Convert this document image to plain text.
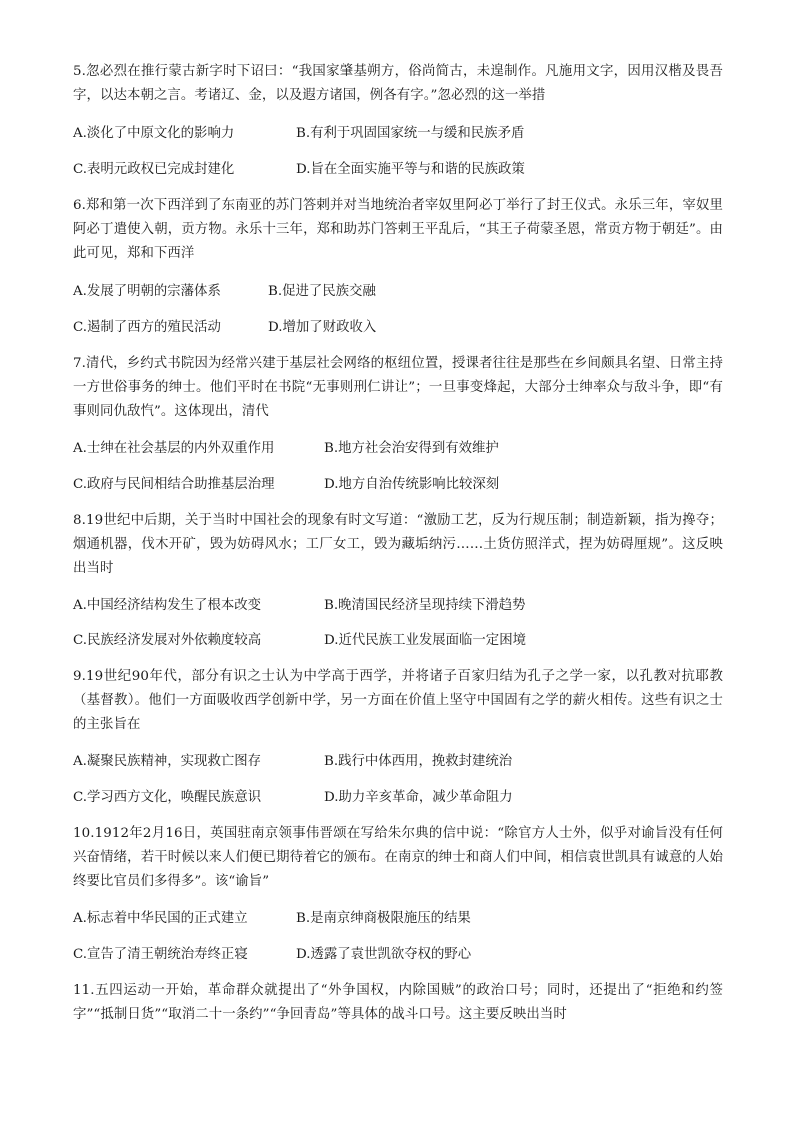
5.忽必烈在推行蒙古新字时下诏曰：“我国家肇基朔方，俗尚简古，未遑制作。凡施用文字，因用汉楷及畏吾字，以达本朝之言。考诸辽、金，以及遐方诸国，例各有字。”忽必烈的这一举措
A.淡化了中原文化的影响力	B.有利于巩固国家统一与缓和民族矛盾
C.表明元政权已完成封建化	D.旨在全面实施平等与和谐的民族政策
6.郑和第一次下西洋到了东南亚的苏门答剌并对当地统治者宰奴里阿必丁举行了封王仪式。永乐三年，宰奴里阿必丁遣使入朝，贡方物。永乐十三年，郑和助苏门答剌王平乱后，“其王子荷蒙圣恩，常贡方物于朝廷”。由此可见，郑和下西洋
A.发展了明朝的宗藩体系	B.促进了民族交融
C.遏制了西方的殖民活动	D.增加了财政收入
7.清代，乡约式书院因为经常兴建于基层社会网络的枢纽位置，授课者往往是那些在乡间颇具名望、日常主持一方世俗事务的绅士。他们平时在书院“无事则刑仁讲让”；一旦事变烽起，大部分士绅率众与敌斗争，即“有事则同仇敌忾”。这体现出，清代
A.士绅在社会基层的内外双重作用	B.地方社会治安得到有效维护
C.政府与民间相结合助推基层治理	D.地方自治传统影响比较深刻
8.19世纪中后期，关于当时中国社会的现象有时文写道：“激励工艺，反为行规压制；制造新颖，指为搀夺；烟通机器，伐木开矿，毁为妨碍风水；工厂女工，毁为藏垢纳污……土货仿照洋式，捏为妨碍厘规”。这反映出当时
A.中国经济结构发生了根本改变	B.晚清国民经济呈现持续下滑趋势
C.民族经济发展对外依赖度较高	D.近代民族工业发展面临一定困境
9.19世纪90年代，部分有识之士认为中学高于西学，并将诸子百家归结为孔子之学一家，以孔教对抗耶教（基督教）。他们一方面吸收西学创新中学，另一方面在价值上坚守中国固有之学的薪火相传。这些有识之士的主张旨在
A.凝聚民族精神，实现救亡图存	B.践行中体西用，挽救封建统治
C.学习西方文化，唤醒民族意识	D.助力辛亥革命，减少革命阻力
10.1912年2月16日，英国驻南京领事伟晋颂在写给朱尔典的信中说：“除官方人士外，似乎对谕旨没有任何兴奋情绪，若干时候以来人们便已期待着它的颁布。在南京的绅士和商人们中间，相信袁世凯具有诚意的人始终要比官员们多得多”。该“谕旨”
A.标志着中华民国的正式建立	B.是南京绅商极限施压的结果
C.宣告了清王朝统治寿终正寝	D.透露了袁世凯欲夺权的野心
11.五四运动一开始，革命群众就提出了“外争国权，内除国贼”的政治口号；同时，还提出了“拒绝和约签字”“抵制日货”“取消二十一条约”“争回青岛”等具体的战斗口号。这主要反映出当时
